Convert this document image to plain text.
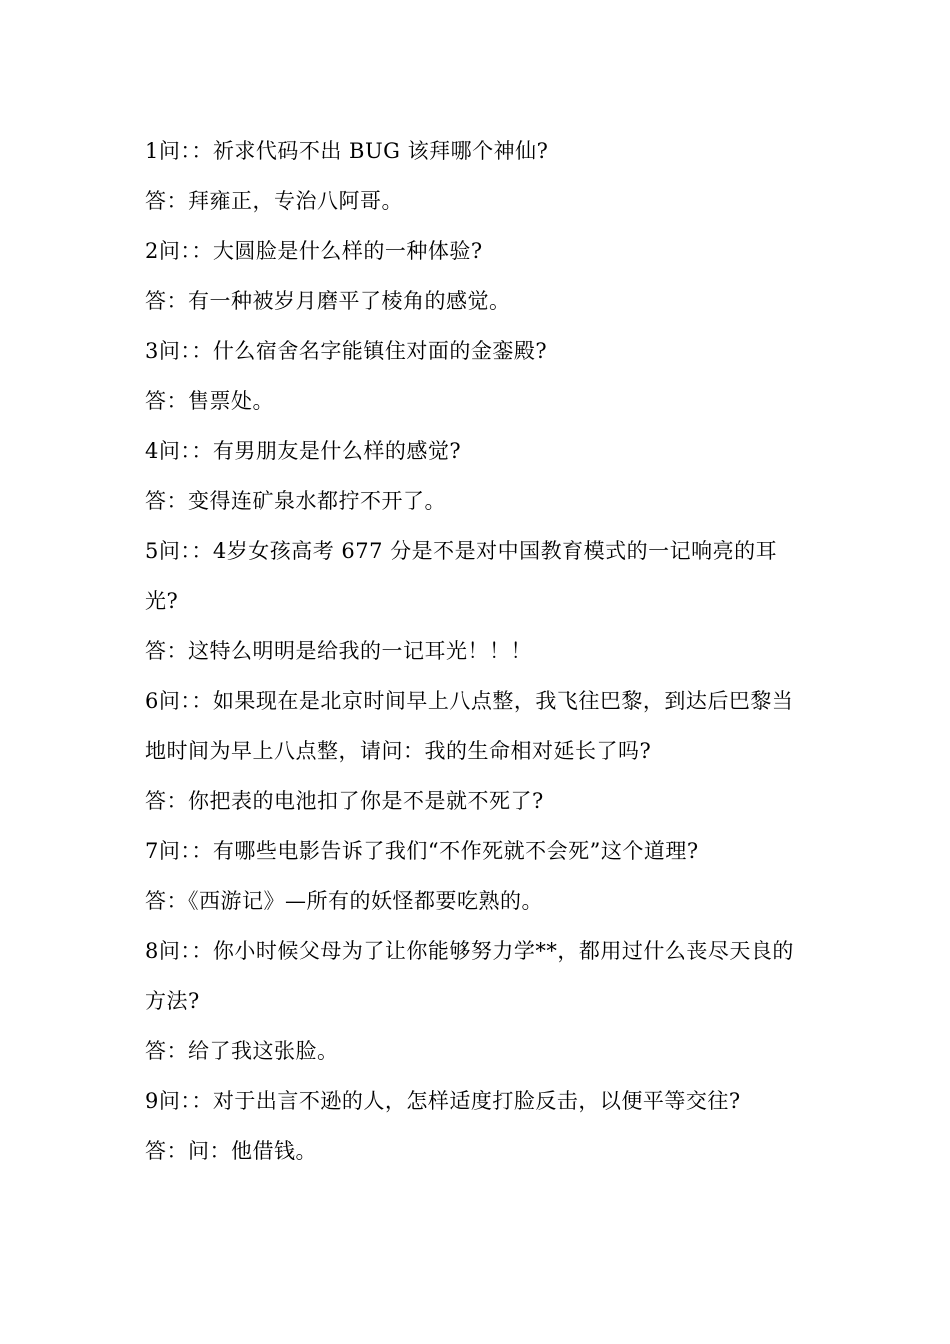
1问：：祈求代码不出 BUG 该拜哪个神仙?
答：拜雍正，专治八阿哥。
2问：：大圆脸是什么样的一种体验?
答：有一种被岁月磨平了棱角的感觉。
3问：：什么宿舍名字能镇住对面的金銮殿?
答：售票处。
4问：：有男朋友是什么样的感觉?
答：变得连矿泉水都拧不开了。
5问：：4岁女孩高考 677 分是不是对中国教育模式的一记响亮的耳光?
答：这特么明明是给我的一记耳光！！！
6问：：如果现在是北京时间早上八点整，我飞往巴黎，到达后巴黎当地时间为早上八点整，请问：我的生命相对延长了吗?
答：你把表的电池扣了你是不是就不死了?
7问：：有哪些电影告诉了我们“不作死就不会死”这个道理?
答：《西游记》—所有的妖怪都要吃熟的。
8问：：你小时候父母为了让你能够努力学**，都用过什么丧尽天良的方法?
答：给了我这张脸。
9问：：对于出言不逊的人，怎样适度打脸反击，以便平等交往?
答：问：他借钱。
